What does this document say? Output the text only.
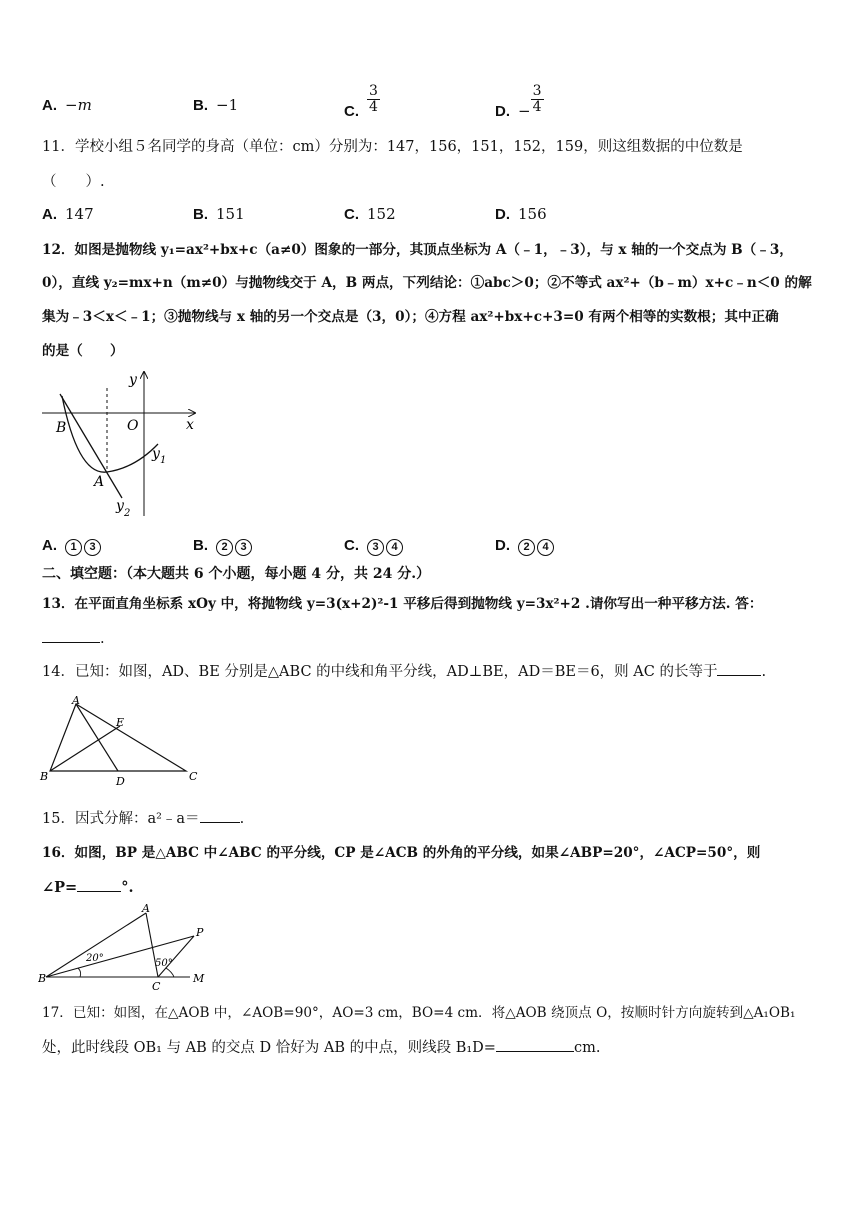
A. −m	B. −1	C. $\frac{3}{4}$	D. − $\frac{3}{4}$
11．学校小组５名同学的身高（单位：cm）分别为：147，156，151，152，159，则这组数据的中位数是
（　　）.
A. 147	B. 151	C. 152	D. 156
12．如图是抛物线 y₁=ax²+bx+c（a≠0）图象的一部分，其顶点坐标为 A（﹣1，﹣3），与 x 轴的一个交点为 B（﹣3，
0），直线 y₂=mx+n（m≠0）与抛物线交于 A，B 两点，下列结论：①abc＞0；②不等式 ax²+（b﹣m）x+c﹣n＜0 的解
集为﹣3＜x＜﹣1；③抛物线与 x 轴的另一个交点是（3，0）；④方程 ax²+bx+c+3=0 有两个相等的实数根；其中正确
的是（　　）
y
x
O
B
A
y 1
y 2
A. 1 3	B. 2 3	C. 3 4	D. 2 4
二、填空题：（本大题共 6 个小题，每小题 4 分，共 24 分.）
13．在平面直角坐标系 xOy 中，将抛物线 y=3(x+2)²-1 平移后得到抛物线 y=3x²+2 .请你写出一种平移方法. 答：
.
14．已知：如图，AD、BE 分别是△ABC 的中线和角平分线，AD⊥BE，AD＝BE＝6，则 AC 的长等于	.
A
E
B	D	C
15．因式分解：a²﹣a＝	.
16．如图，BP 是△ABC 中∠ABC 的平分线，CP 是∠ACB 的外角的平分线，如果∠ABP=20°，∠ACP=50°，则
∠P=	°.
A
P
B
C
M
20°	50°
17．已知：如图，在△AOB 中，∠AOB=90°，AO=3 cm，BO=4 cm．将△AOB 绕顶点 O，按顺时针方向旋转到△A₁OB₁
处，此时线段 OB₁ 与 AB 的交点 D 恰好为 AB 的中点，则线段 B₁D=	cm.
